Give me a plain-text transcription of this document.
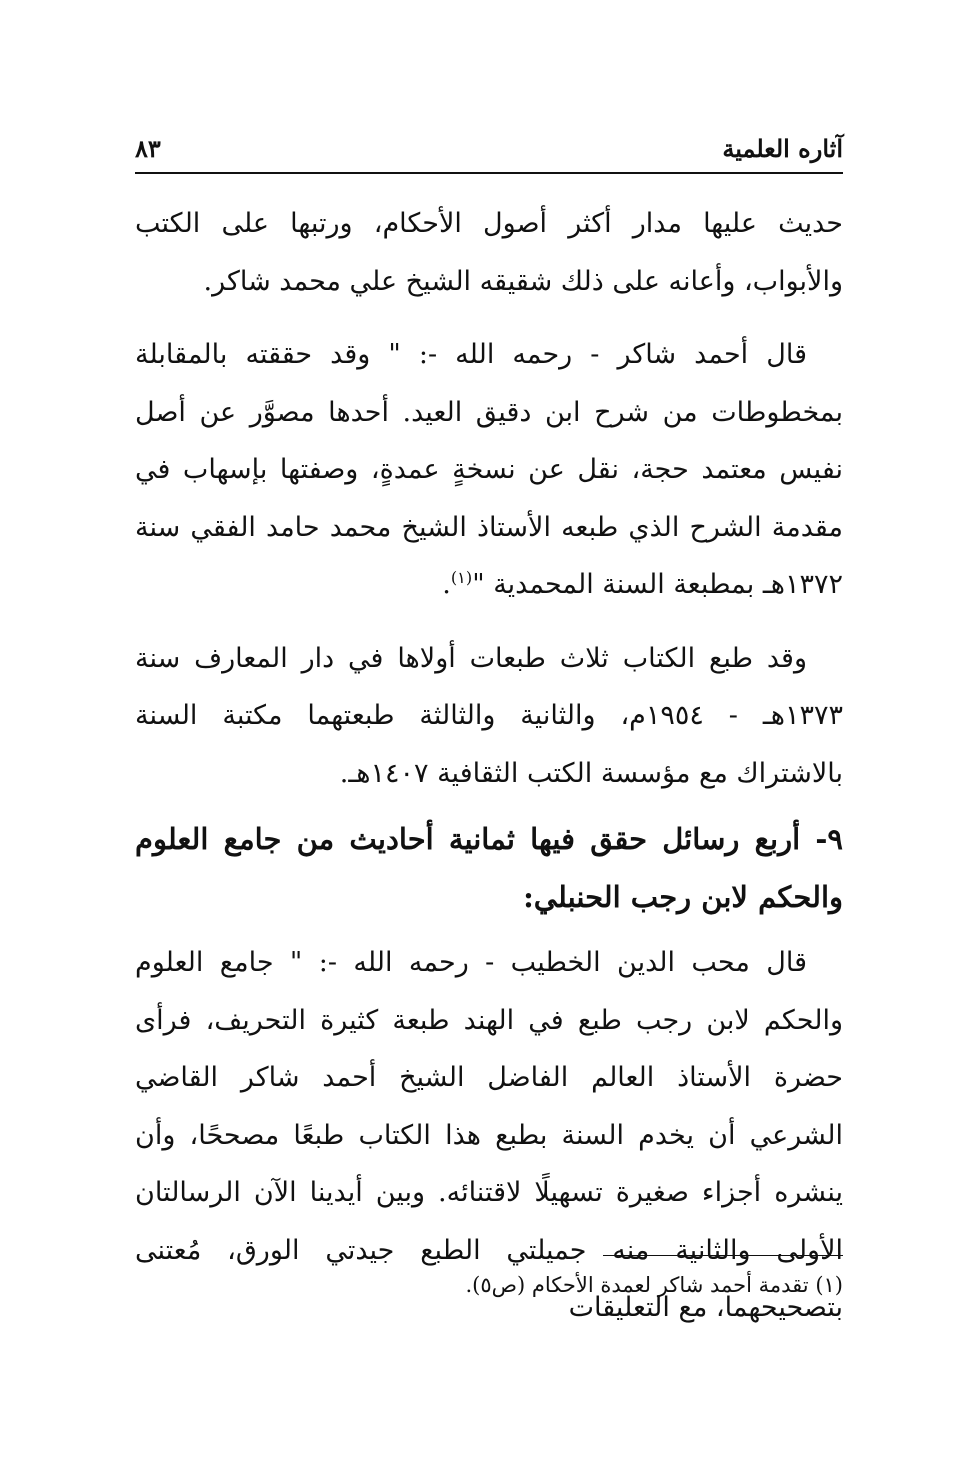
آثاره العلمية
٨٣

حديث عليها مدار أكثر أصول الأحكام، ورتبها على الكتب والأبواب، وأعانه على ذلك شقيقه الشيخ علي محمد شاكر.

قال أحمد شاكر - رحمه الله -: " وقد حققته بالمقابلة بمخطوطات من شرح ابن دقيق العيد. أحدها مصوَّر عن أصل نفيس معتمد حجة، نقل عن نسخةٍ عمدةٍ، وصفتها بإسهاب في مقدمة الشرح الذي طبعه الأستاذ الشيخ محمد حامد الفقي سنة ١٣٧٢هـ بمطبعة السنة المحمدية "$^{(١)}$.

وقد طبع الكتاب ثلاث طبعات أولاها في دار المعارف سنة ١٣٧٣هـ - ١٩٥٤م، والثانية والثالثة طبعتهما مكتبة السنة بالاشتراك مع مؤسسة الكتب الثقافية ١٤٠٧هـ.

٩- أربع رسائل حقق فيها ثمانية أحاديث من جامع العلوم والحكم لابن رجب الحنبلي:

قال محب الدين الخطيب - رحمه الله -: " جامع العلوم والحكم لابن رجب طبع في الهند طبعة كثيرة التحريف، فرأى حضرة الأستاذ العالم الفاضل الشيخ أحمد شاكر القاضي الشرعي أن يخدم السنة بطبع هذا الكتاب طبعًا مصححًا، وأن ينشره أجزاء صغيرة تسهيلًا لاقتنائه. وبين أيدينا الآن الرسالتان الأولى والثانية منه جميلتي الطبع جيدتي الورق، مُعتنى بتصحيحهما، مع التعليقات

(١) تقدمة أحمد شاكر لعمدة الأحكام (ص٥).
